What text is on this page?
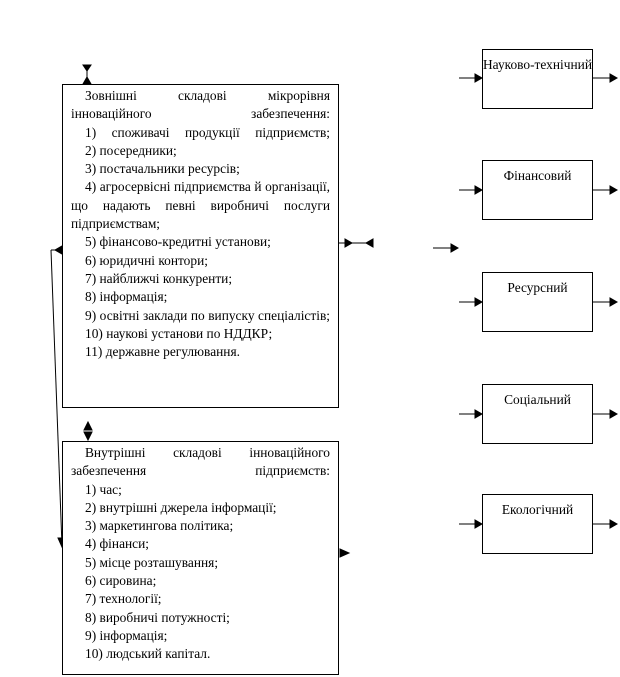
Зовнішні складові мікрорівня інноваційного забезпечення:

1) споживачі продукції підприємств;

2) посередники;

3) постачальники ресурсів;

4) агросервісні підприємства й організації, що надають певні виробничі послуги підприємствам;

5) фінансово-кредитні установи;

6) юридичні контори;

7) найближчі конкуренти;

8) інформація;

9) освітні заклади по випуску спеціалістів;

10) наукові установи по НДДКР;

11) державне регулювання.

Внутрішні складові інноваційного забезпечення підприємств:

1) час;

2) внутрішні джерела інформації;

3) маркетингова політика;

4) фінанси;

5) місце розташування;

6) сировина;

7) технології;

8) виробничі потужності;

9) інформація;

10) людський капітал.

Науково-технічний
Фінансовий
Ресурсний
Соціальний
Екологічний
